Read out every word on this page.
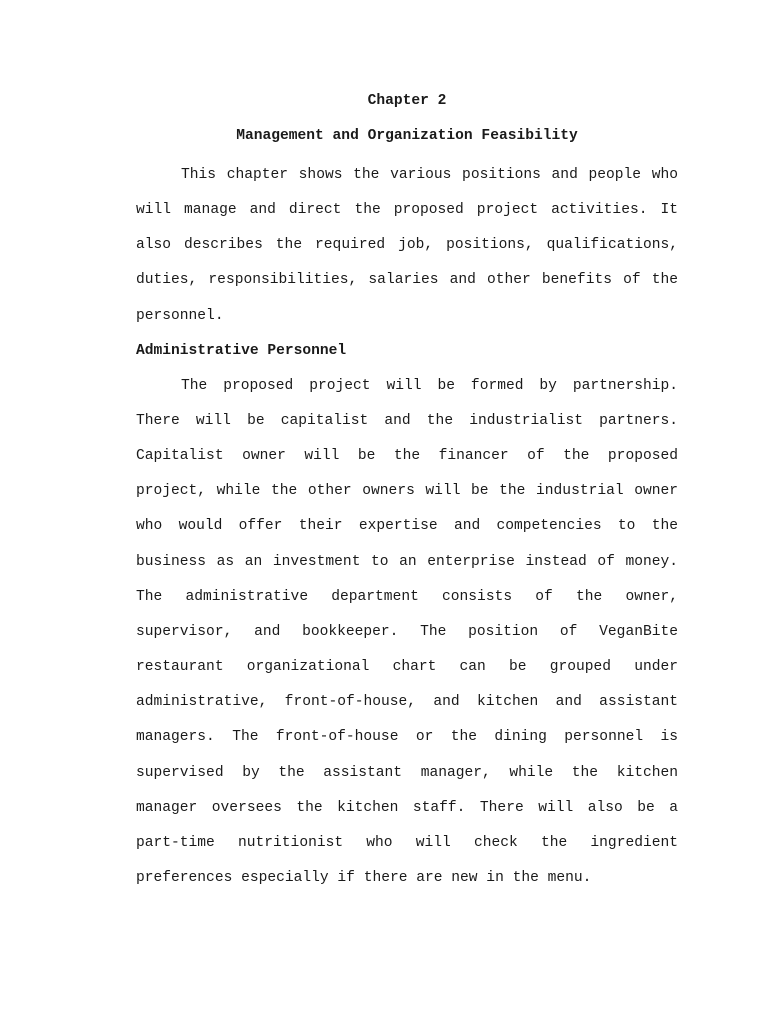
Chapter 2
Management and Organization Feasibility

This chapter shows the various positions and people who will manage and direct the proposed project activities. It also describes the required job, positions, qualifications, duties, responsibilities, salaries and other benefits of the personnel.

Administrative Personnel

The proposed project will be formed by partnership. There will be capitalist and the industrialist partners. Capitalist owner will be the financer of the proposed project, while the other owners will be the industrial owner who would offer their expertise and competencies to the business as an investment to an enterprise instead of money. The administrative department consists of the owner, supervisor, and bookkeeper. The position of VeganBite restaurant organizational chart can be grouped under administrative, front-of-house, and kitchen and assistant managers. The front-of-house or the dining personnel is supervised by the assistant manager, while the kitchen manager oversees the kitchen staff. There will also be a part-time nutritionist who will check the ingredient preferences especially if there are new in the menu.
